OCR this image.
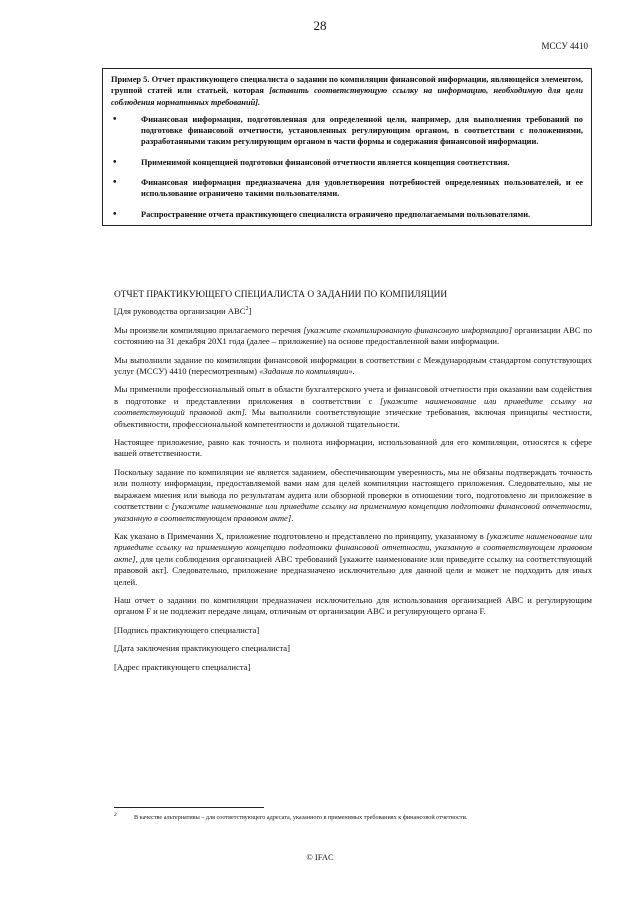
28
МССУ 4410

Пример 5. Отчет практикующего специалиста о задании по компиляции финансовой информации, являющейся элементом, группой статей или статьей, которая [вставить соответствующую ссылку на информацию, необходимую для цели соблюдения нормативных требований].

•	Финансовая информация, подготовленная для определенной цели, например, для выполнения требований по подготовке финансовой отчетности, установленных регулирующим органом, в соответствии с положениями, разработанными таким регулирующим органом в части формы и содержания финансовой информации.
•	Применимой концепцией подготовки финансовой отчетности является концепция соответствия.
•	Финансовая информация предназначена для удовлетворения потребностей определенных пользователей, и ее использование ограничено такими пользователями.
•	Распространение отчета практикующего специалиста ограничено предполагаемыми пользователями.
ОТЧЕТ ПРАКТИКУЮЩЕГО СПЕЦИАЛИСТА О ЗАДАНИИ ПО КОМПИЛЯЦИИ

[Для руководства организации ABC$^2$]

Мы произвели компиляцию прилагаемого перечня [укажите скомпилированную финансовую информацию] организации ABC по состоянию на 31 декабря 20X1 года (далее – приложение) на основе предоставленной вами информации.

Мы выполнили задание по компиляции финансовой информации в соответствии с Международным стандартом сопутствующих услуг (МССУ) 4410 (пересмотренным) «Задания по компиляции».

Мы применили профессиональный опыт в области бухгалтерского учета и финансовой отчетности при оказании вам содействия в подготовке и представлении приложения в соответствии с [укажите наименование или приведите ссылку на соответствующий правовой акт]. Мы выполнили соответствующие этические требования, включая принципы честности, объективности, профессиональной компетентности и должной тщательности.

Настоящее приложение, равно как точность и полнота информации, использованной для его компиляции, относятся к сфере вашей ответственности.

Поскольку задание по компиляции не является заданием, обеспечивающим уверенность, мы не обязаны подтверждать точность или полноту информации, предоставляемой вами нам для целей компиляции настоящего приложения. Следовательно, мы не выражаем мнения или вывода по результатам аудита или обзорной проверки в отношении того, подготовлено ли приложение в соответствии с [укажите наименование или приведите ссылку на применимую концепцию подготовки финансовой отчетности, указанную в соответствующем правовом акте].

Как указано в Примечании X, приложение подготовлено и представлено по принципу, указанному в [укажите наименование или приведите ссылку на применимую концепцию подготовки финансовой отчетности, указанную в соответствующем правовом акте], для цели соблюдения организацией ABC требований [укажите наименование или приведите ссылку на соответствующий правовой акт]. Следовательно, приложение предназначено исключительно для данной цели и может не подходить для иных целей.

Наш отчет о задании по компиляции предназначен исключительно для использования организацией ABC и регулирующим органом F и не подлежит передаче лицам, отличным от организации ABC и регулирующего органа F.

[Подпись практикующего специалиста]

[Дата заключения практикующего специалиста]

[Адрес практикующего специалиста]

2	В качестве альтернативы – для соответствующего адресата, указанного в применимых требованиях к финансовой отчетности.
© IFAC
